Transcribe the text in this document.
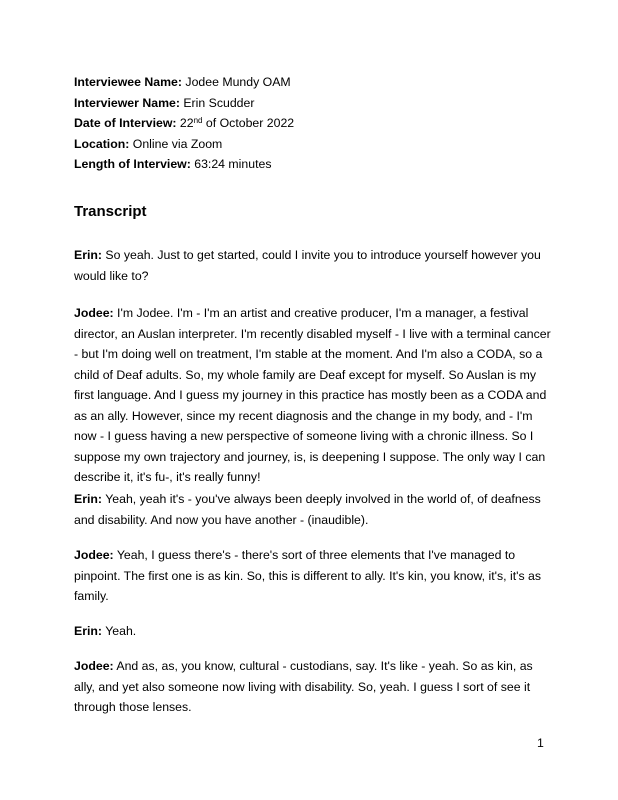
Interviewee Name: Jodee Mundy OAM
Interviewer Name: Erin Scudder
Date of Interview: 22nd of October 2022
Location: Online via Zoom
Length of Interview: 63:24 minutes
Transcript
Erin: So yeah. Just to get started, could I invite you to introduce yourself however you
would like to?
Jodee: I'm Jodee. I'm - I'm an artist and creative producer, I'm a manager, a festival
director, an Auslan interpreter. I'm recently disabled myself - I live with a terminal cancer
- but I'm doing well on treatment, I'm stable at the moment. And I'm also a CODA, so a
child of Deaf adults. So, my whole family are Deaf except for myself. So Auslan is my
first language. And I guess my journey in this practice has mostly been as a CODA and
as an ally. However, since my recent diagnosis and the change in my body, and - I'm
now - I guess having a new perspective of someone living with a chronic illness. So I
suppose my own trajectory and journey, is, is deepening I suppose. The only way I can
describe it, it's fu-, it's really funny!
Erin: Yeah, yeah it's - you've always been deeply involved in the world of, of deafness
and disability. And now you have another - (inaudible).
Jodee: Yeah, I guess there's - there's sort of three elements that I've managed to
pinpoint. The first one is as kin. So, this is different to ally. It's kin, you know, it's, it's as
family.
Erin: Yeah.
Jodee: And as, as, you know, cultural - custodians, say. It's like - yeah. So as kin, as
ally, and yet also someone now living with disability. So, yeah. I guess I sort of see it
through those lenses.
1
